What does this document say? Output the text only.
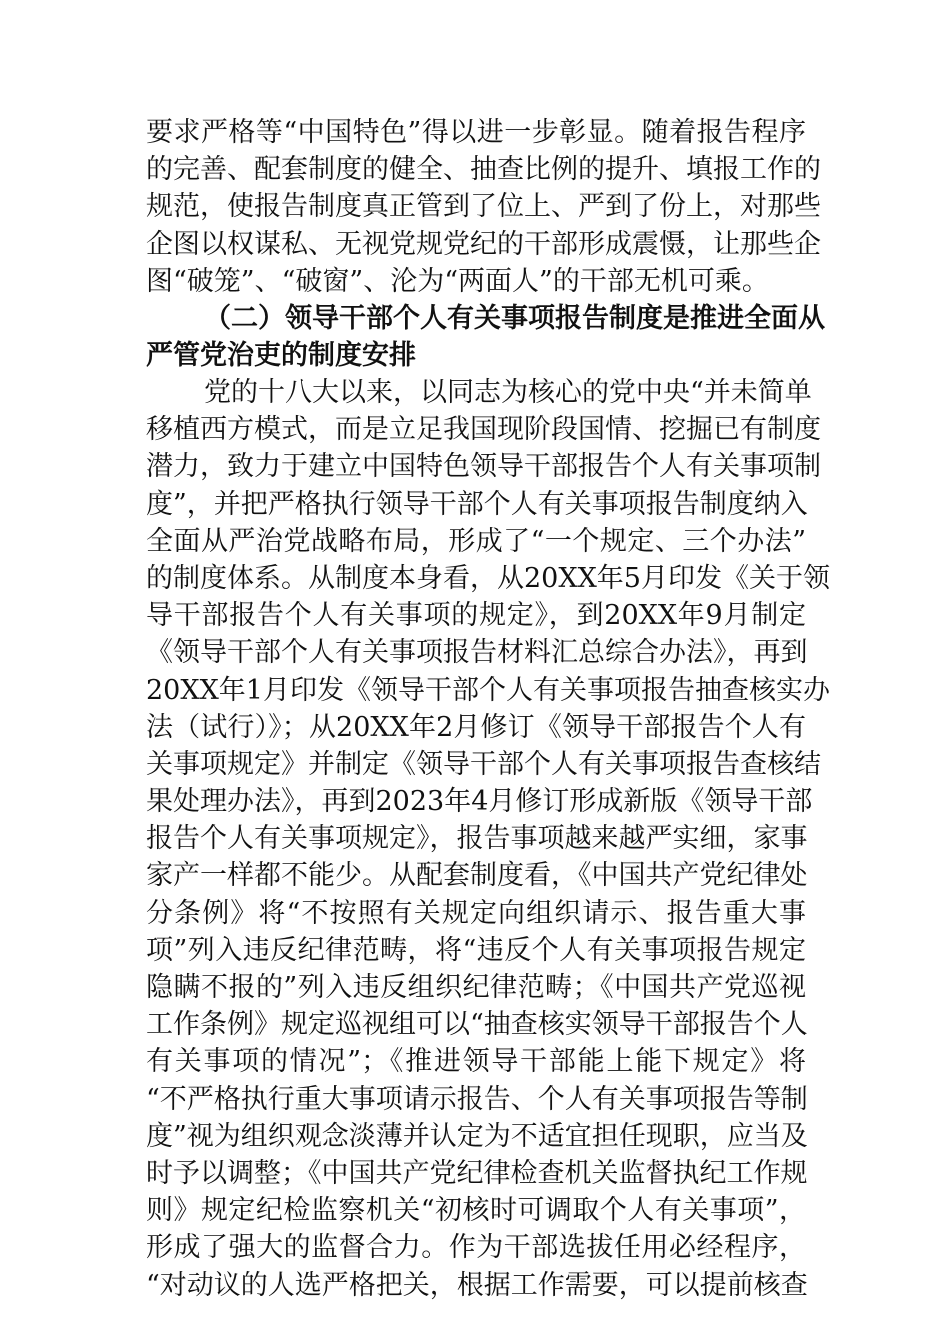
要求严格等“中国特色”得以进一步彰显。随着报告程序
的完善、配套制度的健全、抽查比例的提升、填报工作的
规范，使报告制度真正管到了位上、严到了份上，对那些
企图以权谋私、无视党规党纪的干部形成震慑，让那些企
图“破笼”、“破窗”、沦为“两面人”的干部无机可乘。
（二）领导干部个人有关事项报告制度是推进全面从
严管党治吏的制度安排
党的十八大以来，以同志为核心的党中央“并未简单
移植西方模式，而是立足我国现阶段国情、挖掘已有制度
潜力，致力于建立中国特色领导干部报告个人有关事项制
度”，并把严格执行领导干部个人有关事项报告制度纳入
全面从严治党战略布局，形成了“一个规定、三个办法”
的制度体系。从制度本身看，从20XX年5月印发《关于领
导干部报告个人有关事项的规定》，到20XX年9月制定
《领导干部个人有关事项报告材料汇总综合办法》，再到
20XX年1月印发《领导干部个人有关事项报告抽查核实办
法（试行）》；从20XX年2月修订《领导干部报告个人有
关事项规定》并制定《领导干部个人有关事项报告查核结
果处理办法》，再到2023年4月修订形成新版《领导干部
报告个人有关事项规定》，报告事项越来越严实细，家事
家产一样都不能少。从配套制度看，《中国共产党纪律处
分条例》将“不按照有关规定向组织请示、报告重大事
项”列入违反纪律范畴，将“违反个人有关事项报告规定
隐瞒不报的”列入违反组织纪律范畴；《中国共产党巡视
工作条例》规定巡视组可以“抽查核实领导干部报告个人
有关事项的情况”；《推进领导干部能上能下规定》将
“不严格执行重大事项请示报告、个人有关事项报告等制
度”视为组织观念淡薄并认定为不适宜担任现职，应当及
时予以调整；《中国共产党纪律检查机关监督执纪工作规
则》规定纪检监察机关“初核时可调取个人有关事项”，
形成了强大的监督合力。作为干部选拔任用必经程序，
“对动议的人选严格把关，根据工作需要，可以提前核查
